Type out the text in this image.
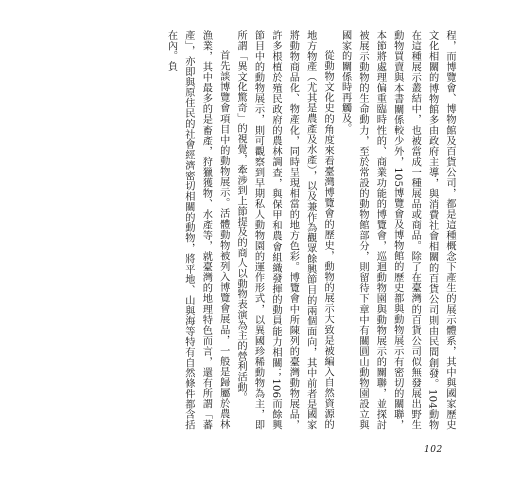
程，而博覽會、博物館及百貨公司，都是這種概念下產生的展示體系，其中與國家歷史文化相關的博物館多由政府主導，與消費社會相關的百貨公司則由民間創發。104動物在這種展示叢結中，也被當成一種展品或商品。除了在臺灣的百貨公司似無發展出野生動物買賣與本書關係較少外，105博覽會及博物館的歷史都與動物展示有密切的關聯，本節將處理偏重臨時性的、商業功能的博覽會，巡迴動物園與動物展示的關聯，並探討被展示動物的生命動力，至於常設的動物館部分，則留待下章中有關圓山動物園設立與國家的關係時再觸及。

從動物文化史的角度來看臺灣博覽會的歷史，動物的展示大致是被編入自然資源的地方物產（尤其是農產及水產），以及兼作為觀眾餘興節目的兩個面向，其中前者是國家將動物商品化、物產化，同時呈現相當的地方色彩。博覽會中所陳列的臺灣動物展品，許多根植於殖民政府的農林調查，與保甲和農會組織發揮的動員能力相關；106而餘興節目中的動物展示，則可觀察到早期私人動物園的運作形式，以異國珍稀動物為主，即所謂「異文化驚奇」的視覺，牽涉到上節提及的商人以動物表演為主的營利活動。

首先談博覽會項目中的動物展示。活體動物被列入博覽會展品，一般是歸屬於農林漁業，其中最多的是畜產，狩獵獲物、水產等，就臺灣的地理特色而言，還有所謂「蕃產」，亦即與原住民的社會經濟密切相關的動物，將平地、山與海等特有自然條件都含括在內。負

102
